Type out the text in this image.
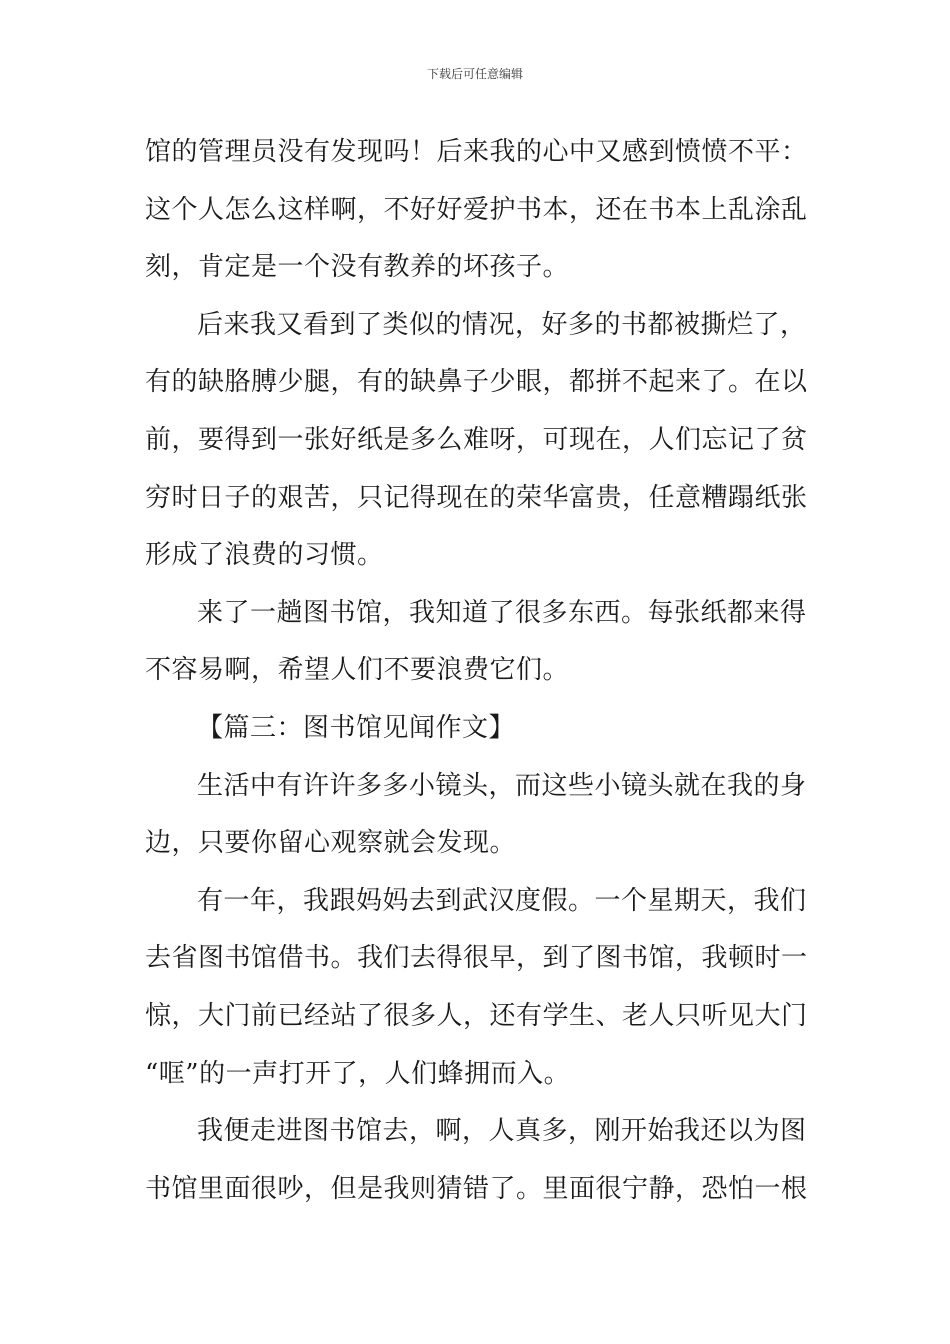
下载后可任意编辑
馆的管理员没有发现吗！后来我的心中又感到愤愤不平：
这个人怎么这样啊，不好好爱护书本，还在书本上乱涂乱
刻，肯定是一个没有教养的坏孩子。
后来我又看到了类似的情况，好多的书都被撕烂了，
有的缺胳膊少腿，有的缺鼻子少眼，都拼不起来了。在以
前，要得到一张好纸是多么难呀，可现在，人们忘记了贫
穷时日子的艰苦，只记得现在的荣华富贵，任意糟蹋纸张
形成了浪费的习惯。
来了一趟图书馆，我知道了很多东西。每张纸都来得
不容易啊，希望人们不要浪费它们。
【篇三：图书馆见闻作文】
生活中有许许多多小镜头，而这些小镜头就在我的身
边，只要你留心观察就会发现。
有一年，我跟妈妈去到武汉度假。一个星期天，我们
去省图书馆借书。我们去得很早，到了图书馆，我顿时一
惊，大门前已经站了很多人，还有学生、老人只听见大门
“哐”的一声打开了，人们蜂拥而入。
我便走进图书馆去，啊，人真多，刚开始我还以为图
书馆里面很吵，但是我则猜错了。里面很宁静，恐怕一根
